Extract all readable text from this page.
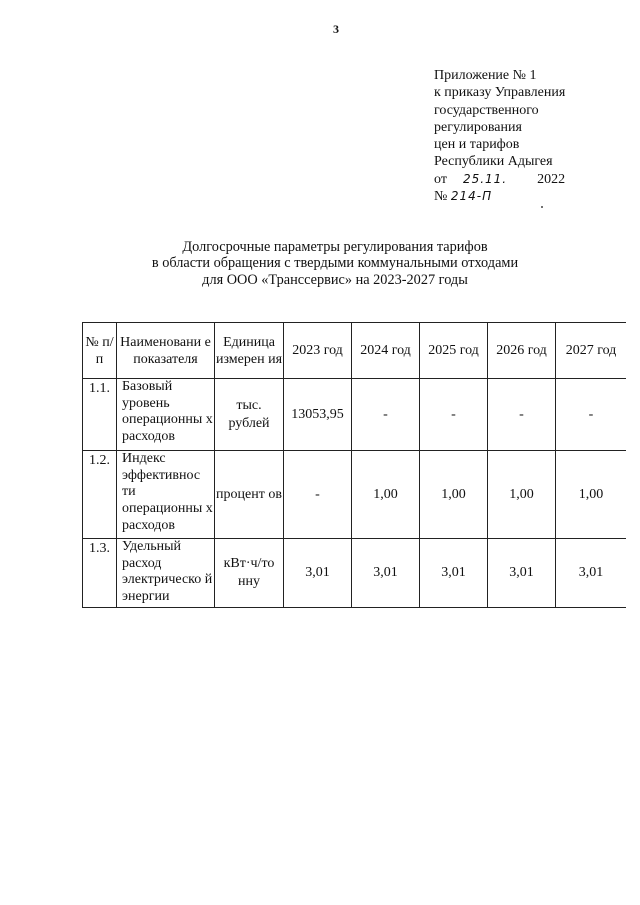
3
Приложение № 1
к приказу Управления
государственного
регулирования
цен и тарифов
Республики Адыгея
от 25.11. 2022
№ 214-П
Долгосрочные параметры регулирования тарифов
в области обращения с твердыми коммунальными отходами
для ООО «Транссервис» на 2023-2027 годы
№ п/п	Наименовани е показателя	Единица измерен ия	2023 год	2024 год	2025 год	2026 год	2027 год
1.1.	Базовый уровень операционны х расходов	тыс. рублей	13053,95	-	-	-	-
1.2.	Индекс эффективнос ти операционны х расходов	процент ов	-	1,00	1,00	1,00	1,00
1.3.	Удельный расход электрическо й энергии	кВт·ч/то нну	3,01	3,01	3,01	3,01	3,01
